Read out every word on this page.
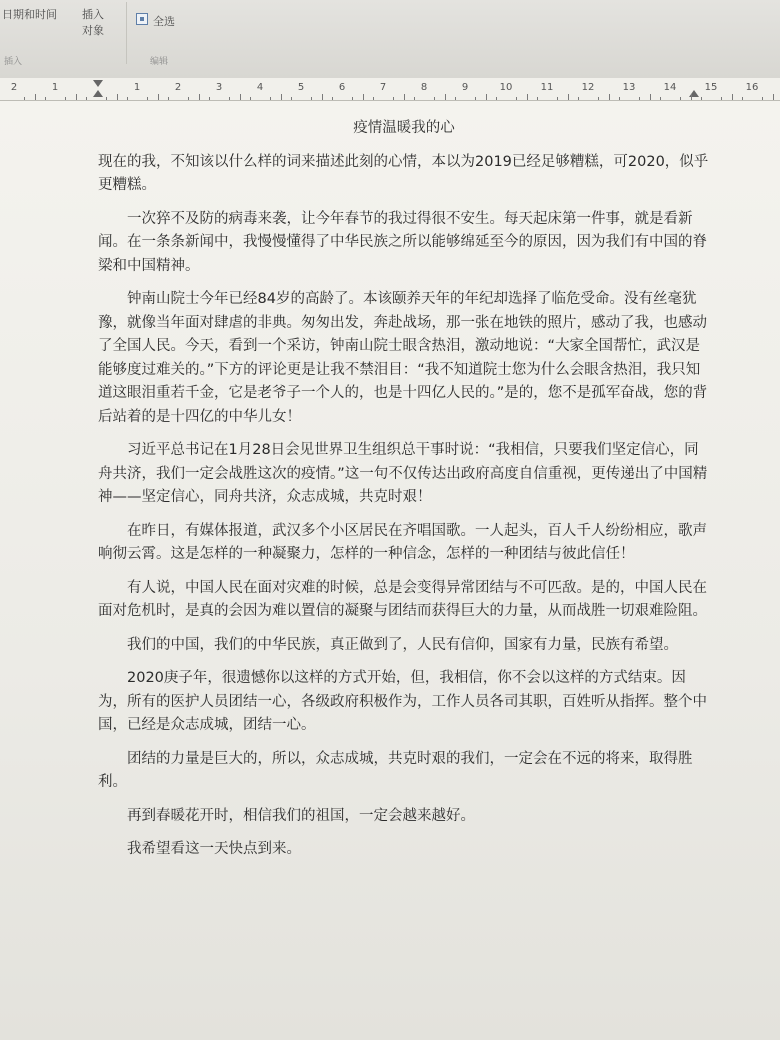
日期和时间 插入
对象
全选
插入	编辑
2	1	1	2	3	4	5	6	7	8	9	10	11	12	13	14	15	16
疫情温暖我的心

现在的我，不知该以什么样的词来描述此刻的心情，本以为2019已经足够糟糕，可2020，似乎更糟糕。

一次猝不及防的病毒来袭，让今年春节的我过得很不安生。每天起床第一件事，就是看新闻。在一条条新闻中，我慢慢懂得了中华民族之所以能够绵延至今的原因，因为我们有中国的脊梁和中国精神。

钟南山院士今年已经84岁的高龄了。本该颐养天年的年纪却选择了临危受命。没有丝毫犹豫，就像当年面对肆虐的非典。匆匆出发，奔赴战场，那一张在地铁的照片，感动了我，也感动了全国人民。今天，看到一个采访，钟南山院士眼含热泪，激动地说：“大家全国帮忙，武汉是能够度过难关的。”下方的评论更是让我不禁泪目：“我不知道院士您为什么会眼含热泪，我只知道这眼泪重若千金，它是老爷子一个人的，也是十四亿人民的。”是的，您不是孤军奋战，您的背后站着的是十四亿的中华儿女！

习近平总书记在1月28日会见世界卫生组织总干事时说：“我相信，只要我们坚定信心，同舟共济，我们一定会战胜这次的疫情。”这一句不仅传达出政府高度自信重视，更传递出了中国精神——坚定信心，同舟共济，众志成城，共克时艰！

在昨日，有媒体报道，武汉多个小区居民在齐唱国歌。一人起头，百人千人纷纷相应，歌声响彻云霄。这是怎样的一种凝聚力，怎样的一种信念，怎样的一种团结与彼此信任！

有人说，中国人民在面对灾难的时候，总是会变得异常团结与不可匹敌。是的，中国人民在面对危机时，是真的会因为难以置信的凝聚与团结而获得巨大的力量，从而战胜一切艰难险阻。

我们的中国，我们的中华民族，真正做到了，人民有信仰，国家有力量，民族有希望。

2020庚子年，很遗憾你以这样的方式开始，但，我相信，你不会以这样的方式结束。因为，所有的医护人员团结一心，各级政府积极作为，工作人员各司其职，百姓听从指挥。整个中国，已经是众志成城，团结一心。

团结的力量是巨大的，所以，众志成城，共克时艰的我们，一定会在不远的将来，取得胜利。

再到春暖花开时，相信我们的祖国，一定会越来越好。

我希望看这一天快点到来。
